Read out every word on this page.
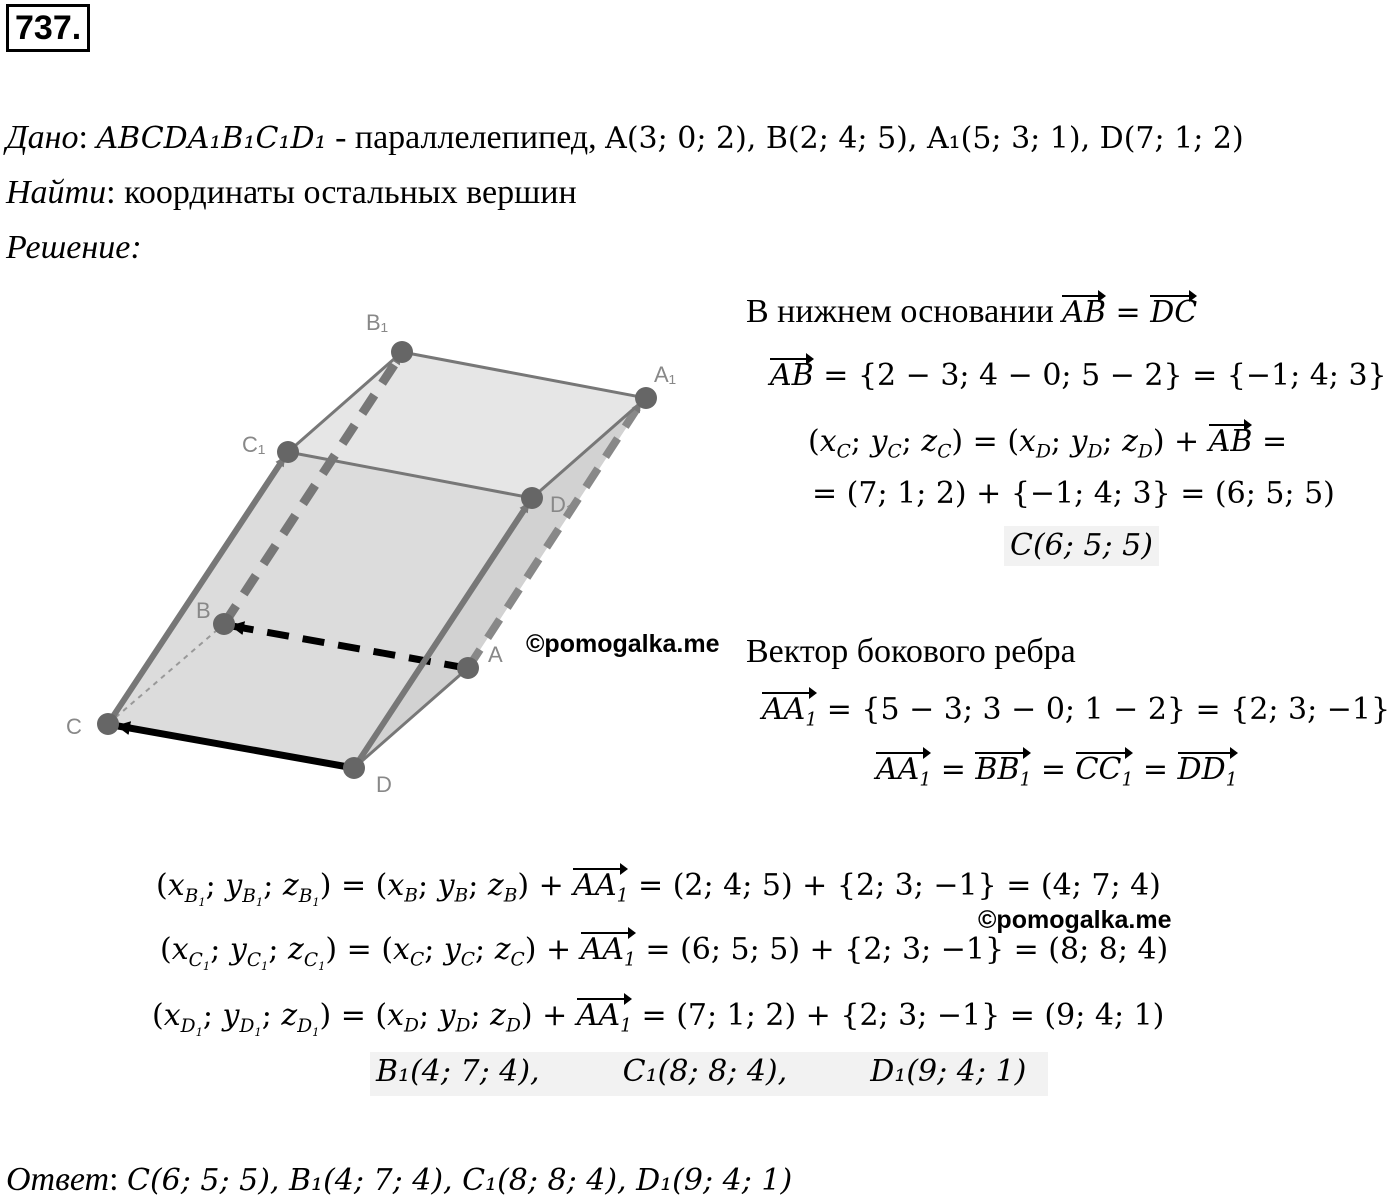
737.
Дано: ABCDA₁B₁C₁D₁ - параллелепипед, A(3; 0; 2), B(2; 4; 5), A₁(5; 3; 1), D(7; 1; 2)
Найти: координаты остальных вершин
Решение:
B₁
A₁
C₁
D₁
B
A
C
D
В нижнем основании AB = DC
AB = {2 − 3; 4 − 0; 5 − 2} = {−1; 4; 3}
($x_C$; $y_C$; $z_C) = (x_D$; $y_D$; $z_D$) + AB =
= (7; 1; 2) + {−1; 4; 3} = (6; 5; 5)
C(6; 5; 5)
©pomogalka.me Вектор бокового ребра
$AA_1 = \{5 - 3$; 3 − 0; 1 − 2} = {2; 3; −1}
$AA_1 = BB_1 = CC_1 = DD_1$
($x_{B_1}$; $y_{B_1}$; $z_{B_1}) = (x_B$; $y_B$; $z_B) + AA_1 = (2$; 4; 5) + {2; 3; −1} = (4; 7; 4)
©pomogalka.me
($x_{C_1}$; $y_{C_1}$; $z_{C_1}) = (x_C$; $y_C$; $z_C) + AA_1 = (6$; 5; 5) + {2; 3; −1} = (8; 8; 4)
($x_{D_1}$; $y_{D_1}$; $z_{D_1}) = (x_D$; $y_D$; $z_D) + AA_1 = (7$; 1; 2) + {2; 3; −1} = (9; 4; 1)
B₁(4; 7; 4),	C₁(8; 8; 4),	D₁(9; 4; 1)
Ответ: C(6; 5; 5), B₁(4; 7; 4), C₁(8; 8; 4), D₁(9; 4; 1)
